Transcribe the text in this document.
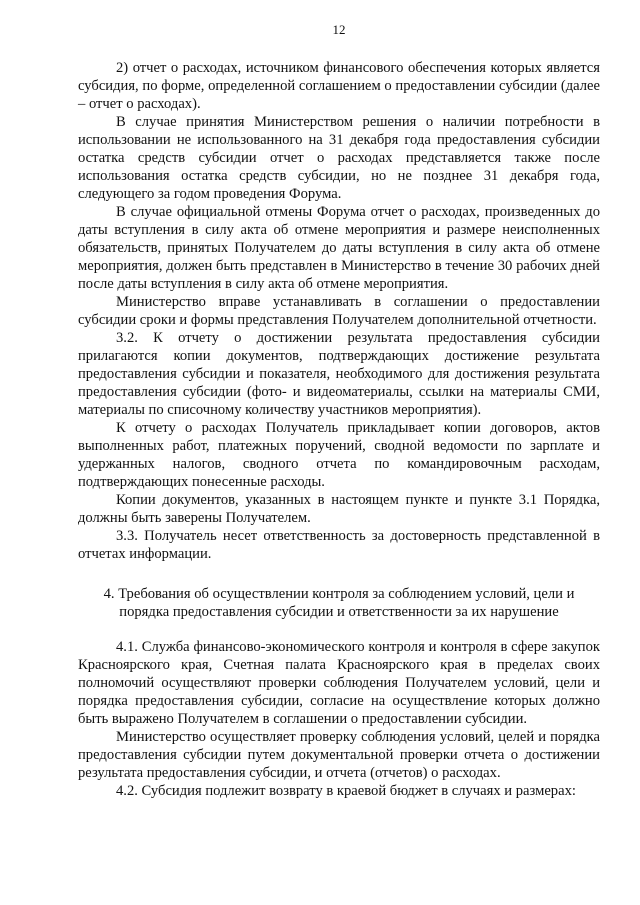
12

2) отчет о расходах, источником финансового обеспечения которых является субсидия, по форме, определенной соглашением о предоставлении субсидии (далее – отчет о расходах).

В случае принятия Министерством решения о наличии потребности в использовании не использованного на 31 декабря года предоставления субсидии остатка средств субсидии отчет о расходах представляется также после использования остатка средств субсидии, но не позднее 31 декабря года, следующего за годом проведения Форума.

В случае официальной отмены Форума отчет о расходах, произведенных до даты вступления в силу акта об отмене мероприятия и размере неисполненных обязательств, принятых Получателем до даты вступления в силу акта об отмене мероприятия, должен быть представлен в Министерство в течение 30 рабочих дней после даты вступления в силу акта об отмене мероприятия.

Министерство вправе устанавливать в соглашении о предоставлении субсидии сроки и формы представления Получателем дополнительной отчетности.

3.2. К отчету о достижении результата предоставления субсидии прилагаются копии документов, подтверждающих достижение результата предоставления субсидии и показателя, необходимого для достижения результата предоставления субсидии (фото- и видеоматериалы, ссылки на материалы СМИ, материалы по списочному количеству участников мероприятия).

К отчету о расходах Получатель прикладывает копии договоров, актов выполненных работ, платежных поручений, сводной ведомости по зарплате и удержанных налогов, сводного отчета по командировочным расходам, подтверждающих понесенные расходы.

Копии документов, указанных в настоящем пункте и пункте 3.1 Порядка, должны быть заверены Получателем.

3.3. Получатель несет ответственность за достоверность представленной в отчетах информации.

4. Требования об осуществлении контроля за соблюдением условий, цели и порядка предоставления субсидии и ответственности за их нарушение

4.1. Служба финансово-экономического контроля и контроля в сфере закупок Красноярского края, Счетная палата Красноярского края в пределах своих полномочий осуществляют проверки соблюдения Получателем условий, цели и порядка предоставления субсидии, согласие на осуществление которых должно быть выражено Получателем в соглашении о предоставлении субсидии.

Министерство осуществляет проверку соблюдения условий, целей и порядка предоставления субсидии путем документальной проверки отчета о достижении результата предоставления субсидии, и отчета (отчетов) о расходах.

4.2. Субсидия подлежит возврату в краевой бюджет в случаях и размерах:
